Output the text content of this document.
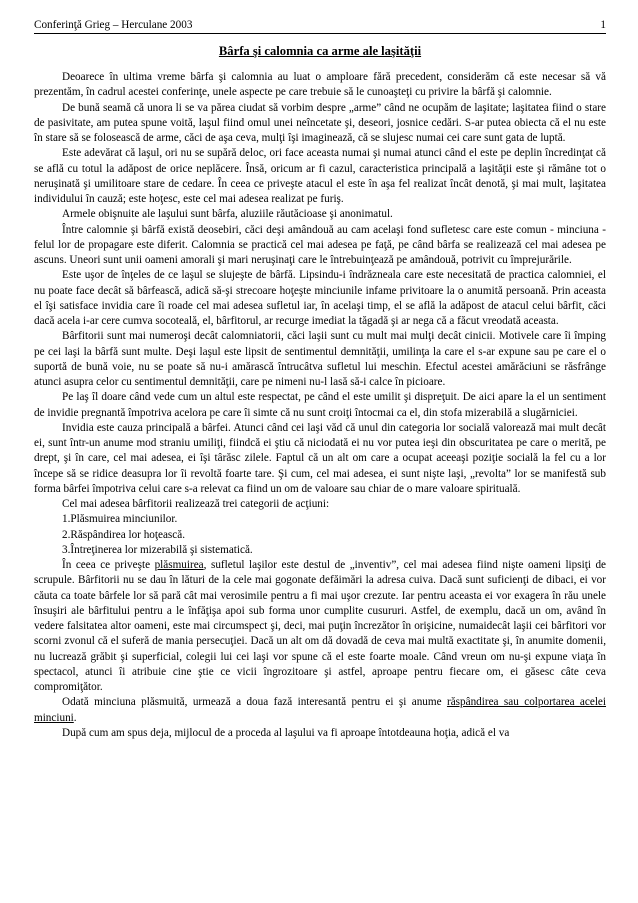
Conferinţă Grieg – Herculane 2003	1
Bârfa şi calomnia ca arme ale laşităţii

Deoarece în ultima vreme bârfa şi calomnia au luat o amploare fără precedent, considerăm că este necesar să vă prezentăm, în cadrul acestei conferinţe, unele aspecte pe care trebuie să le cunoaşteţi cu privire la bârfă şi calomnie.

De bună seamă că unora li se va părea ciudat să vorbim despre „arme” când ne ocupăm de laşitate; laşitatea fiind o stare de pasivitate, am putea spune voită, laşul fiind omul unei neîncetate şi, deseori, josnice cedări. S-ar putea obiecta că el nu este în stare să se folosească de arme, căci de aşa ceva, mulţi îşi imaginează, că se slujesc numai cei care sunt gata de luptă.

Este adevărat că laşul, ori nu se supără deloc, ori face aceasta numai şi numai atunci când el este pe deplin încredinţat că se află cu totul la adăpost de orice neplăcere. Însă, oricum ar fi cazul, caracteristica principală a laşităţii este şi rămâne tot o neruşinată şi umilitoare stare de cedare. În ceea ce priveşte atacul el este în aşa fel realizat încât denotă, şi mai mult, laşitatea individului în cauză; este hoţesc, este cel mai adesea realizat pe furiş.

Armele obişnuite ale laşului sunt bârfa, aluziile răutăcioase şi anonimatul.

Între calomnie şi bârfă există deosebiri, căci deşi amândouă au cam acelaşi fond sufletesc care este comun - minciuna - felul lor de propagare este diferit. Calomnia se practică cel mai adesea pe faţă, pe când bârfa se realizează cel mai adesea pe ascuns. Uneori sunt unii oameni amorali şi mari neruşinaţi care le întrebuinţează pe amândouă, potrivit cu împrejurările.

Este uşor de înţeles de ce laşul se slujeşte de bârfă. Lipsindu-i îndrăzneala care este necesitată de practica calomniei, el nu poate face decât să bârfească, adică să-şi strecoare hoţeşte minciunile infame privitoare la o anumită persoană. Prin aceasta el îşi satisface invidia care îi roade cel mai adesea sufletul iar, în acelaşi timp, el se află la adăpost de atacul celui bârfit, căci dacă acela i-ar cere cumva socoteală, el, bârfitorul, ar recurge imediat la tăgadă şi ar nega că a făcut vreodată aceasta.

Bârfitorii sunt mai numeroşi decât calomniatorii, căci laşii sunt cu mult mai mulţi decât cinicii. Motivele care îi împing pe cei laşi la bârfă sunt multe. Deşi laşul este lipsit de sentimentul demnităţii, umilinţa la care el s-ar expune sau pe care el o suportă de bună voie, nu se poate să nu-i amărască întrucâtva sufletul lui meschin. Efectul acestei amărăciuni se răsfrânge atunci asupra celor cu sentimentul demnităţii, care pe nimeni nu-l lasă să-i calce în picioare.

Pe laş îl doare când vede cum un altul este respectat, pe când el este umilit şi dispreţuit. De aici apare la el un sentiment de invidie pregnantă împotriva acelora pe care îi simte că nu sunt croiţi întocmai ca el, din stofa mizerabilă a slugărniciei.

Invidia este cauza principală a bârfei. Atunci când cei laşi văd că unul din categoria lor socială valorează mai mult decât ei, sunt într-un anume mod straniu umiliţi, fiindcă ei ştiu că niciodată ei nu vor putea ieşi din obscuritatea pe care o merită, pe drept, şi în care, cel mai adesea, ei îşi târăsc zilele. Faptul că un alt om care a ocupat aceeaşi poziţie socială la fel cu a lor începe să se ridice deasupra lor îi revoltă foarte tare. Şi cum, cel mai adesea, ei sunt nişte laşi, „revolta” lor se manifestă sub forma bârfei împotriva celui care s-a relevat ca fiind un om de valoare sau chiar de o mare valoare spirituală.

Cel mai adesea bârfitorii realizează trei categorii de acţiuni:

1.Plăsmuirea minciunilor.

2.Răspândirea lor hoţească.

3.Întreţinerea lor mizerabilă şi sistematică.

În ceea ce priveşte plăsmuirea, sufletul laşilor este destul de „inventiv”, cel mai adesea fiind nişte oameni lipsiţi de scrupule. Bârfitorii nu se dau în lături de la cele mai gogonate defăimări la adresa cuiva. Dacă sunt suficienţi de dibaci, ei vor căuta ca toate bârfele lor să pară cât mai verosimile pentru a fi mai uşor crezute. Iar pentru aceasta ei vor exagera în rău unele însuşiri ale bârfitului pentru a le înfăţişa apoi sub forma unor cumplite cusururi. Astfel, de exemplu, dacă un om, având în vedere falsitatea altor oameni, este mai circumspect şi, deci, mai puţin încrezător în orişicine, numaidecât laşii cei bârfitori vor scorni zvonul că el suferă de mania persecuţiei. Dacă un alt om dă dovadă de ceva mai multă exactitate şi, în anumite domenii, nu lucrează grăbit şi superficial, colegii lui cei laşi vor spune că el este foarte moale. Când vreun om nu-şi expune viaţa în spectacol, atunci îi atribuie cine ştie ce vicii îngrozitoare şi astfel, aproape pentru fiecare om, ei găsesc câte ceva compromiţător.

Odată minciuna plăsmuită, urmează a doua fază interesantă pentru ei şi anume răspândirea sau colportarea acelei minciuni.

După cum am spus deja, mijlocul de a proceda al laşului va fi aproape întotdeauna hoţia, adică el va
